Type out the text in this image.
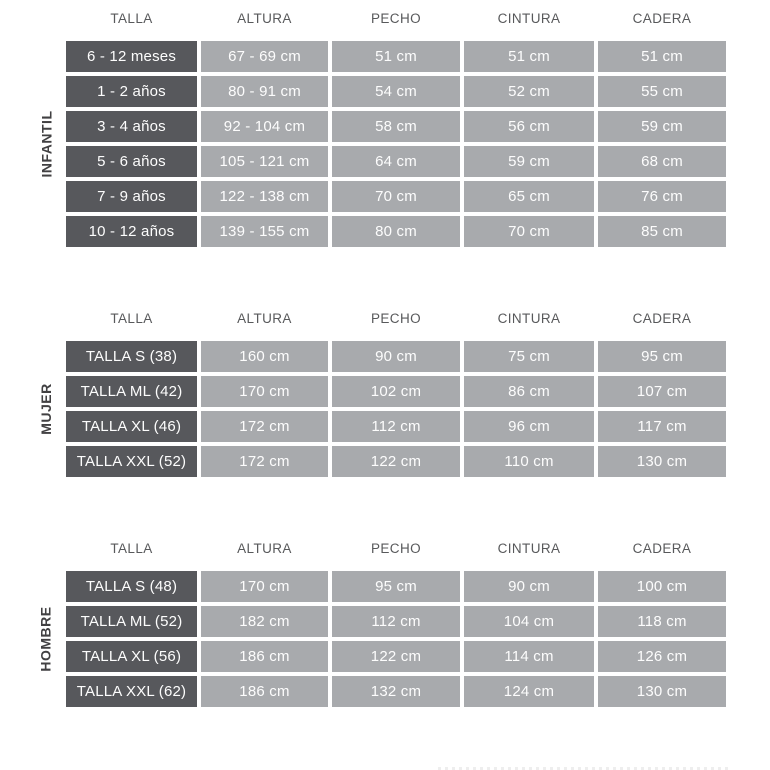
TALLA	ALTURA	PECHO	CINTURA	CADERA
INFANTIL
6 - 12 meses	67 - 69 cm	51 cm	51 cm	51 cm
1 - 2 años	80 - 91 cm	54 cm	52 cm	55 cm
3 - 4 años	92 - 104 cm	58 cm	56 cm	59 cm
5 - 6 años	105 - 121 cm	64 cm	59 cm	68 cm
7 - 9 años	122 - 138 cm	70 cm	65 cm	76 cm
10 - 12 años	139 - 155 cm	80 cm	70 cm	85 cm
TALLA	ALTURA	PECHO	CINTURA	CADERA
MUJER
TALLA S (38)	160 cm	90 cm	75 cm	95 cm
TALLA ML (42)	170 cm	102 cm	86 cm	107 cm
TALLA XL (46)	172 cm	112 cm	96 cm	117 cm
TALLA XXL (52)	172 cm	122 cm	110 cm	130 cm
TALLA	ALTURA	PECHO	CINTURA	CADERA
HOMBRE
TALLA S (48)	170 cm	95 cm	90 cm	100 cm
TALLA ML (52)	182 cm	112 cm	104 cm	118 cm
TALLA XL (56)	186 cm	122 cm	114 cm	126 cm
TALLA XXL (62)	186 cm	132 cm	124 cm	130 cm
